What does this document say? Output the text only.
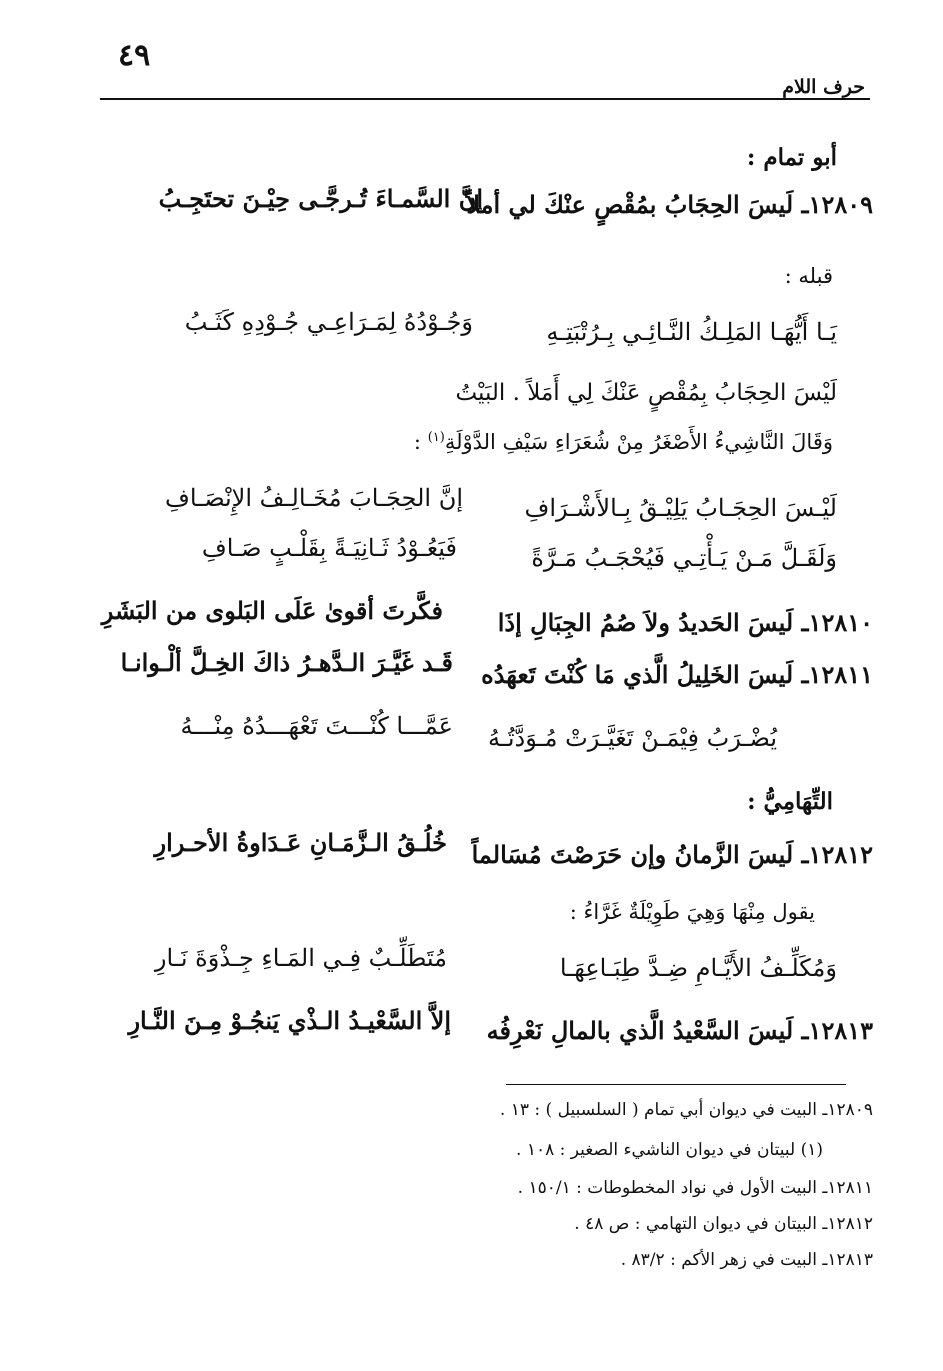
٤٩
حرف اللام
أبو تمام :
١٢٨٠٩ـ لَيسَ الحِجَابُ بمُقْصٍ عنْكَ لي أملاً
إنَّ السَّمـاءَ تُـرجَّـى حِيْـنَ تحتَجِـبُ
قبله :
يَـا أَيُّهَـا المَلِـكُ النَّـائِـي بِـرُتْبَتِـهِ
وَجُـوْدُهُ لِمَـرَاعِـي جُـوْدِهِ كَثَـبُ
لَيْسَ الحِجَابُ بِمُقْصٍ عَنْكَ لِي أَمَلاً . البَيْتُ
وَقَالَ النَّاشِيءُ الأَصْغَرُ مِنْ شُعَرَاءِ سَيْفِ الدَّوْلَةِ$^{(١)}$ :
لَيْـسَ الحِجَـابُ يَلِيْـقُ بِـالأَشْـرَافِ
إنَّ الحِجَـابَ مُخَـالِـفُ الإِنْصَـافِ
وَلَقَـلَّ مَـنْ يَـأْتِـي فَيُحْجَـبُ مَـرَّةً
فَيَعُـوْدُ ثَـانِيَـةً بِقَلْـبٍ صَـافِ
١٢٨١٠ـ لَيسَ الحَديدُ ولاَ صُمُ الجِبَالِ إذَا
فكَّرتَ أقوىٰ عَلَى البَلوى من البَشَرِ
١٢٨١١ـ لَيسَ الخَلِيلُ الَّذي مَا كُنْتَ تَعهَدُه
قَـد غَيَّـرَ الـدَّهـرُ ذاكَ الخِـلَّ ألْـوانـا
يُضْـرَبُ فِيْمَـنْ تَغَيَّـرَتْ مُـوَدَّتُـهُ
عَمَّـــا كُنْـــتَ تَعْهَـــدُهُ مِنْـــهُ
التِّهَامِيُّ :
١٢٨١٢ـ لَيسَ الزَّمانُ وإن حَرَصْتَ مُسَالماً
خُلُـقُ الـزَّمَـانِ عَـدَاوةُ الأحـرارِ
يقول مِنْهَا وَهِيَ طَوِيْلَةٌ غَرَّاءُ :
وَمُكَلِّـفُ الأَيَّـامِ ضِـدَّ طِبَـاعِهَـا
مُتَطَلِّـبٌ فِـي المَـاءِ جِـذْوَةَ نَـارِ
١٢٨١٣ـ لَيسَ السَّعْيدُ الَّذي بالمالِ نَعْرِفُه
إلاَّ السَّعْيـدُ الـذْي يَنجُـوْ مِـنَ النَّـارِ
١٢٨٠٩ـ البيت في ديوان أبي تمام ( السلسبيل ) : ١٣ .
(١) لبيتان في ديوان الناشيء الصغير : ١٠٨ .
١٢٨١١ـ البيت الأول في نواد المخطوطات : ١٥٠/١ .
١٢٨١٢ـ البيتان في ديوان التهامي : ص ٤٨ .
١٢٨١٣ـ البيت في زهر الأكم : ٨٣/٢ .
